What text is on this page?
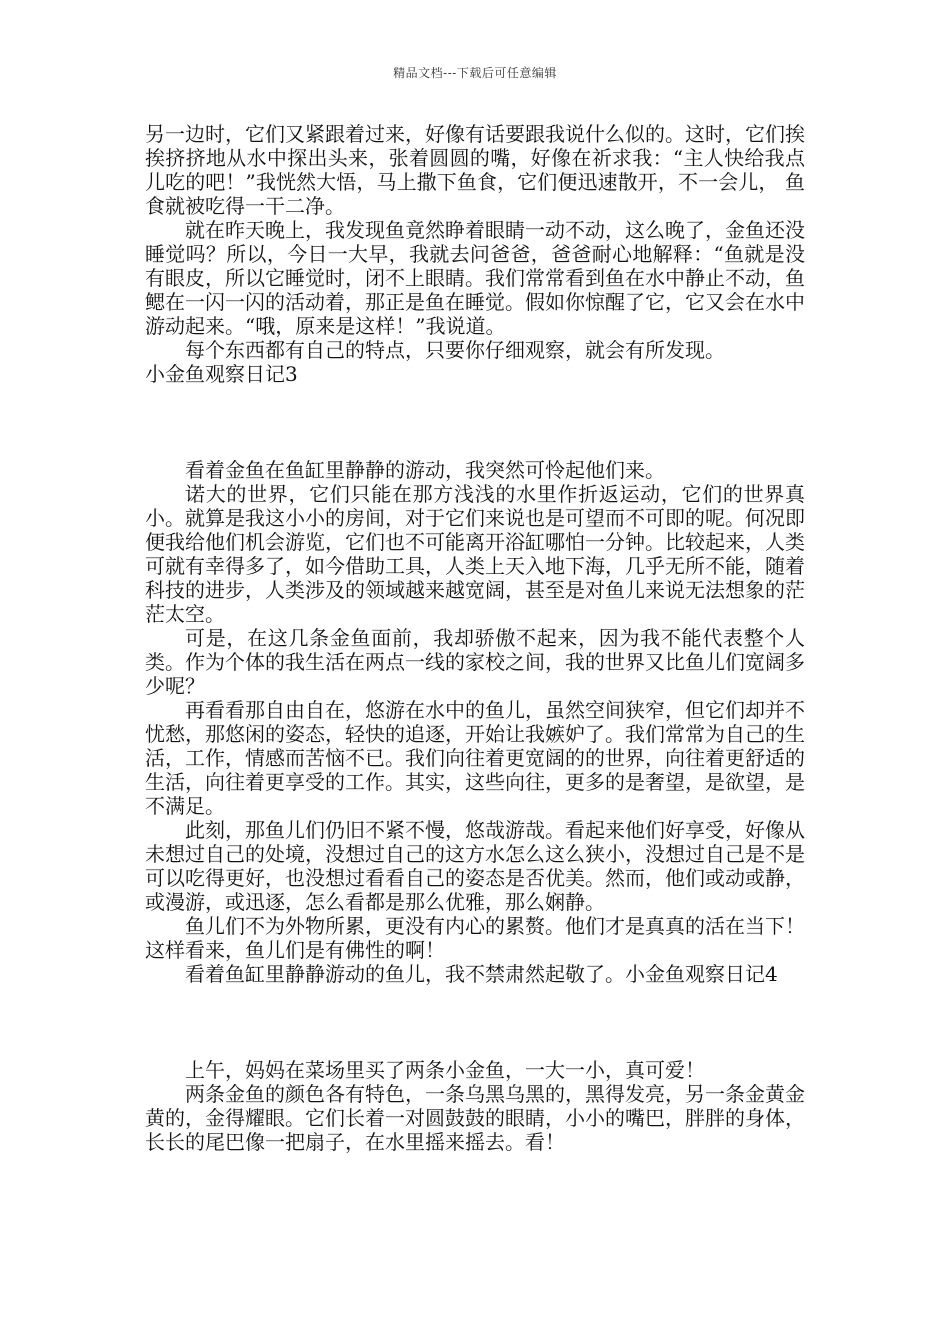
精品文档---下载后可任意编辑

另一边时，它们又紧跟着过来，好像有话要跟我说什么似的。这时，它们挨挨挤挤地从水中探出头来，张着圆圆的嘴，好像在祈求我：“主人快给我点儿吃的吧！”我恍然大悟，马上撒下鱼食，它们便迅速散开，不一会儿， 鱼食就被吃得一干二净。

就在昨天晚上，我发现鱼竟然睁着眼睛一动不动，这么晚了，金鱼还没睡觉吗？所以，今日一大早，我就去问爸爸，爸爸耐心地解释：“鱼就是没有眼皮，所以它睡觉时，闭不上眼睛。我们常常看到鱼在水中静止不动，鱼鳃在一闪一闪的活动着，那正是鱼在睡觉。假如你惊醒了它，它又会在水中游动起来。“哦，原来是这样！”我说道。

每个东西都有自己的特点，只要你仔细观察，就会有所发现。

小金鱼观察日记3

看着金鱼在鱼缸里静静的游动，我突然可怜起他们来。

诺大的世界，它们只能在那方浅浅的水里作折返运动，它们的世界真小。就算是我这小小的房间，对于它们来说也是可望而不可即的呢。何况即便我给他们机会游览，它们也不可能离开浴缸哪怕一分钟。比较起来，人类可就有幸得多了，如今借助工具，人类上天入地下海，几乎无所不能，随着科技的进步，人类涉及的领域越来越宽阔，甚至是对鱼儿来说无法想象的茫茫太空。

可是，在这几条金鱼面前，我却骄傲不起来，因为我不能代表整个人类。作为个体的我生活在两点一线的家校之间，我的世界又比鱼儿们宽阔多少呢？

再看看那自由自在，悠游在水中的鱼儿，虽然空间狭窄，但它们却并不忧愁，那悠闲的姿态，轻快的追逐，开始让我嫉妒了。我们常常为自己的生活，工作，情感而苦恼不已。我们向往着更宽阔的的世界，向往着更舒适的生活，向往着更享受的工作。其实，这些向往，更多的是奢望，是欲望，是不满足。

此刻，那鱼儿们仍旧不紧不慢，悠哉游哉。看起来他们好享受，好像从未想过自己的处境，没想过自己的这方水怎么这么狭小，没想过自己是不是可以吃得更好，也没想过看看自己的姿态是否优美。然而，他们或动或静，或漫游，或迅逐，怎么看都是那么优雅，那么娴静。

鱼儿们不为外物所累，更没有内心的累赘。他们才是真真的活在当下！这样看来，鱼儿们是有佛性的啊！

看着鱼缸里静静游动的鱼儿，我不禁肃然起敬了。小金鱼观察日记4

上午，妈妈在菜场里买了两条小金鱼，一大一小，真可爱！

两条金鱼的颜色各有特色，一条乌黑乌黑的，黑得发亮，另一条金黄金黄的，金得耀眼。它们长着一对圆鼓鼓的眼睛，小小的嘴巴，胖胖的身体，长长的尾巴像一把扇子，在水里摇来摇去。看！
